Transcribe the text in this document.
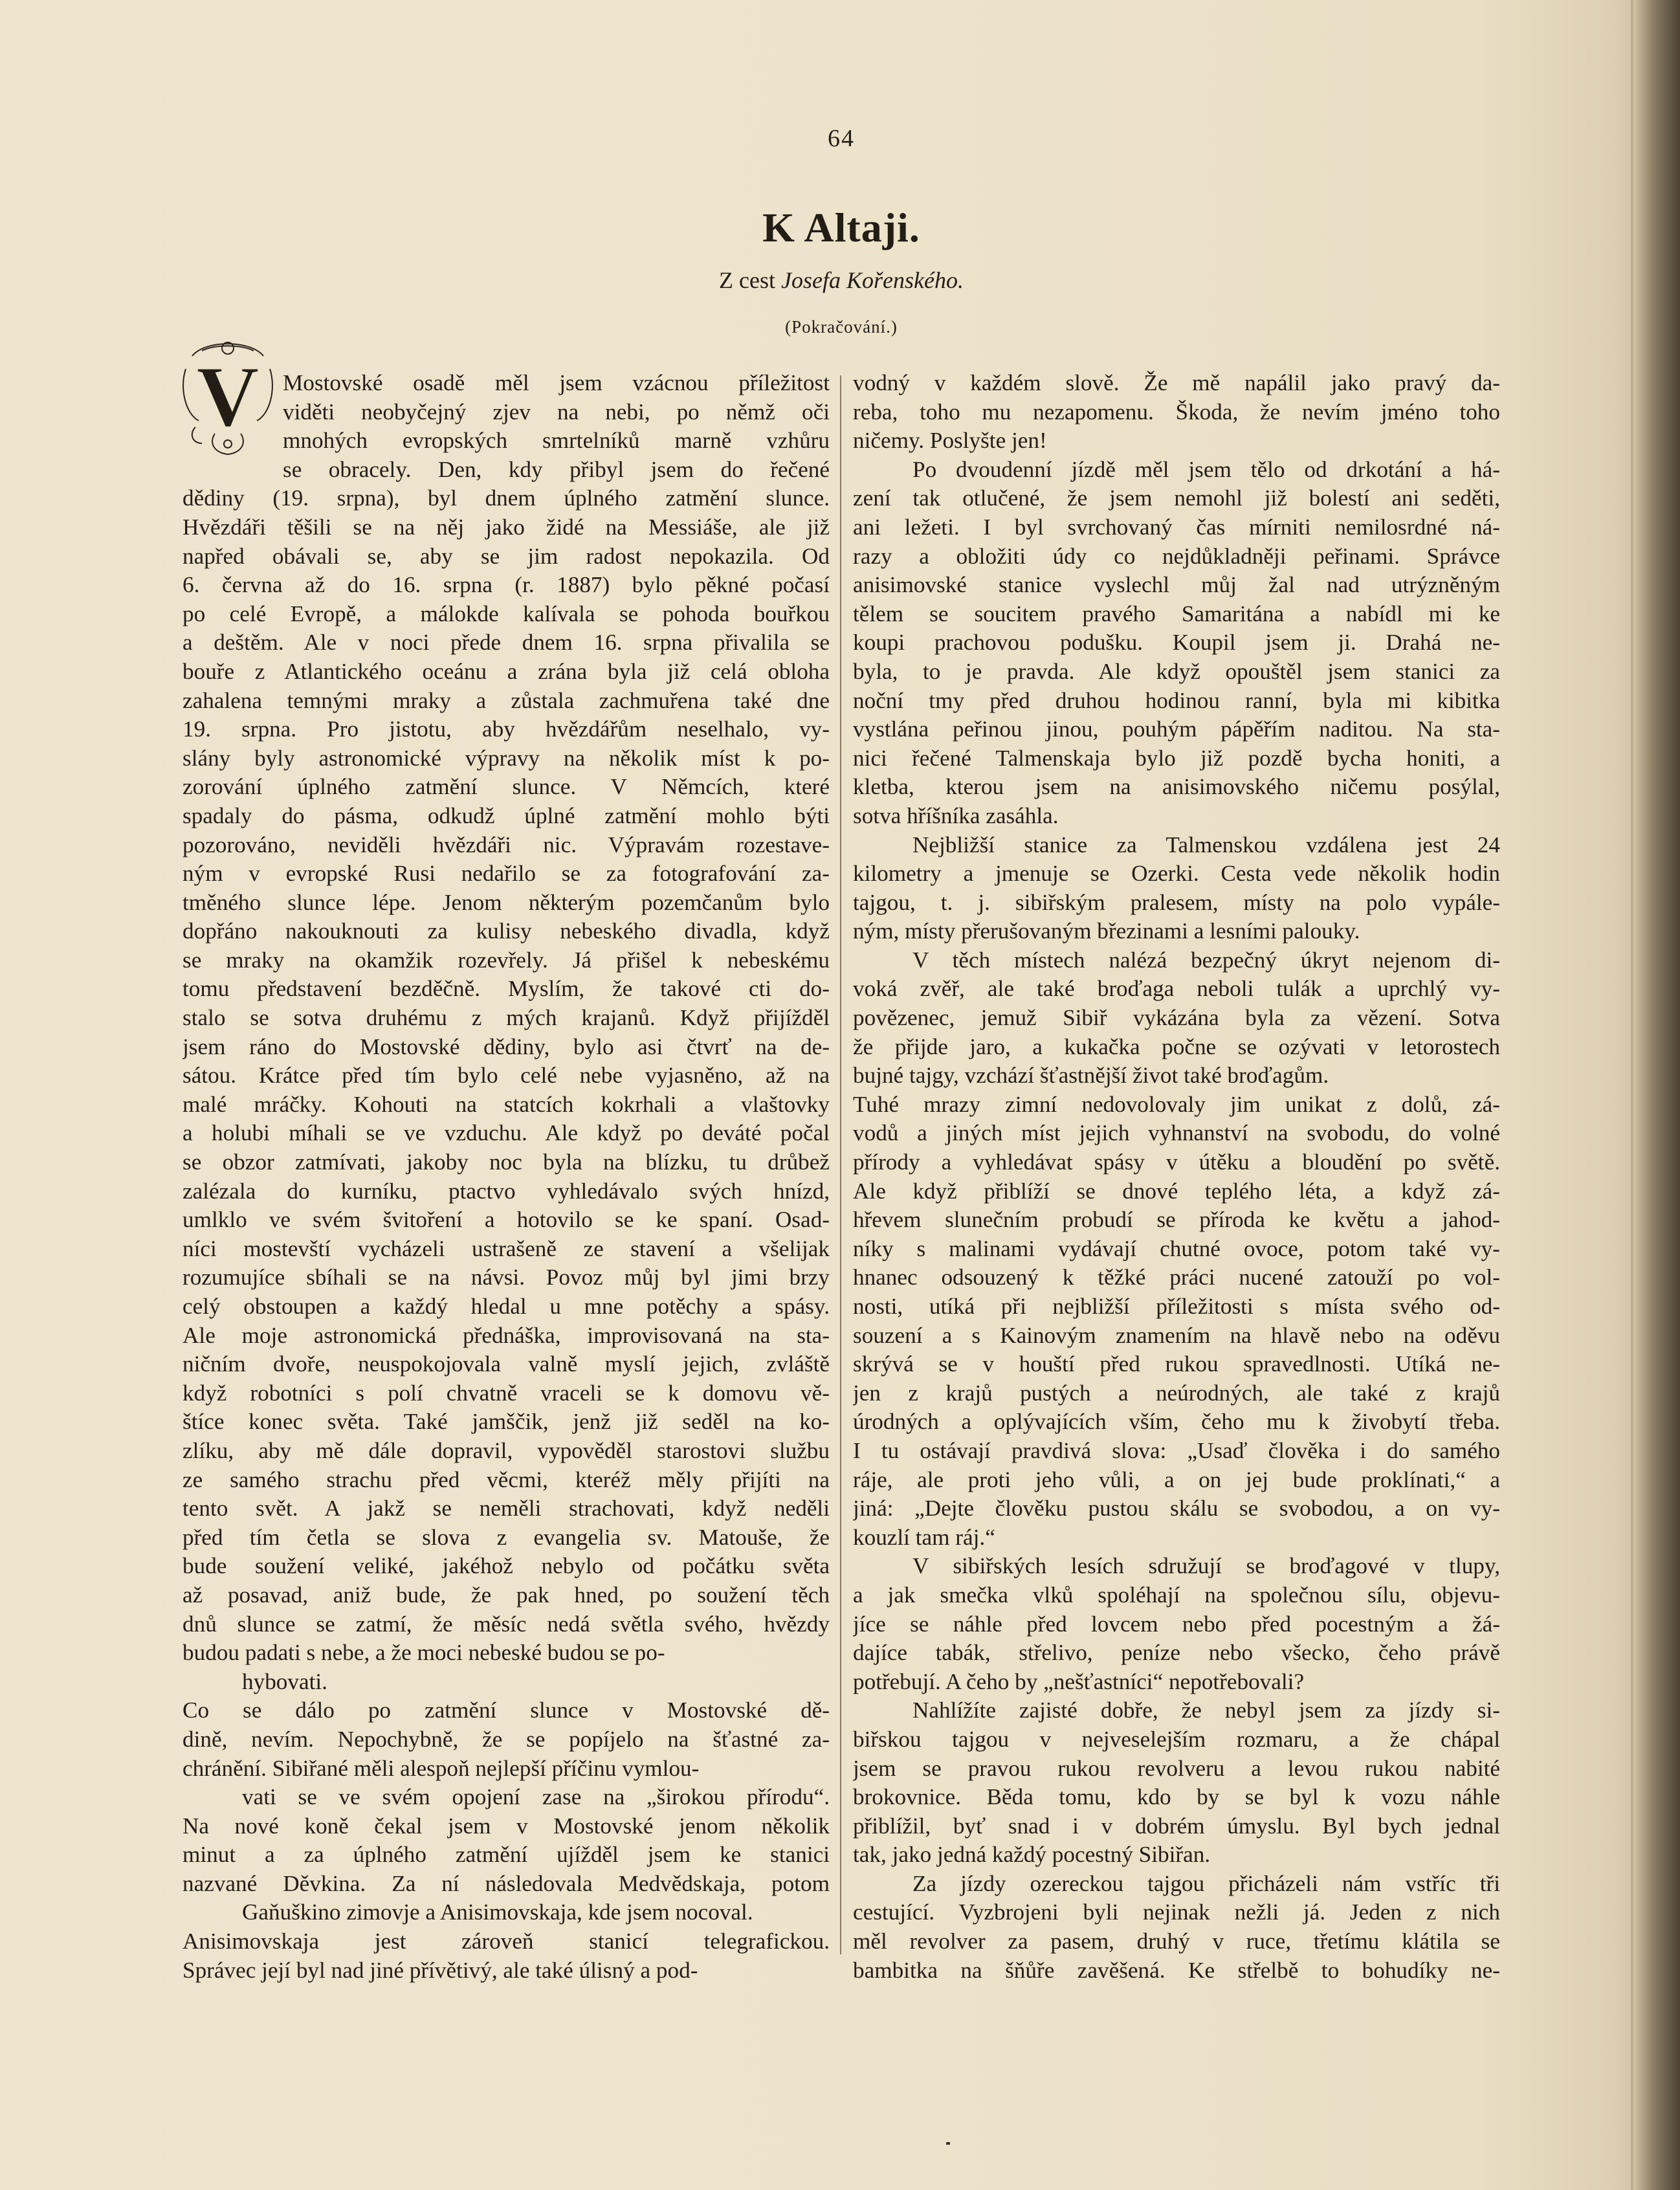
64
K Altaji.
Z cest Josefa Kořenského.
(Pokračování.)
V Mostovské osadě měl jsem vzácnou příležitost
viděti neobyčejný zjev na nebi, po němž oči
mnohých evropských smrtelníků marně vzhůru
se obracely. Den, kdy přibyl jsem do řečené
dědiny (19. srpna), byl dnem úplného zatmění slunce.
Hvězdáři těšili se na něj jako židé na Messiáše, ale již
napřed obávali se, aby se jim radost nepokazila. Od
6. června až do 16. srpna (r. 1887) bylo pěkné počasí
po celé Evropě, a málokde kalívala se pohoda bouřkou
a deštěm. Ale v noci přede dnem 16. srpna přivalila se
bouře z Atlantického oceánu a zrána byla již celá obloha
zahalena temnými mraky a zůstala zachmuřena také dne
19. srpna. Pro jistotu, aby hvězdářům neselhalo, vy-
slány byly astronomické výpravy na několik míst k po-
zorování úplného zatmění slunce. V Němcích, které
spadaly do pásma, odkudž úplné zatmění mohlo býti
pozorováno, neviděli hvězdáři nic. Výpravám rozestave-
ným v evropské Rusi nedařilo se za fotografování za-
tměného slunce lépe. Jenom některým pozemčanům bylo
dopřáno nakouknouti za kulisy nebeského divadla, když
se mraky na okamžik rozevřely. Já přišel k nebeskému
tomu představení bezděčně. Myslím, že takové cti do-
stalo se sotva druhému z mých krajanů. Když přijížděl
jsem ráno do Mostovské dědiny, bylo asi čtvrť na de-
sátou. Krátce před tím bylo celé nebe vyjasněno, až na
malé mráčky. Kohouti na statcích kokrhali a vlaštovky
a holubi míhali se ve vzduchu. Ale když po deváté počal
se obzor zatmívati, jakoby noc byla na blízku, tu drůbež
zalézala do kurníku, ptactvo vyhledávalo svých hnízd,
umlklo ve svém švitoření a hotovilo se ke spaní. Osad-
níci mostevští vycházeli ustrašeně ze stavení a všelijak
rozumujíce sbíhali se na návsi. Povoz můj byl jimi brzy
celý obstoupen a každý hledal u mne potěchy a spásy.
Ale moje astronomická přednáška, improvisovaná na sta-
ničním dvoře, neuspokojovala valně myslí jejich, zvláště
když robotníci s polí chvatně vraceli se k domovu vě-
štíce konec světa. Také jamščik, jenž již seděl na ko-
zlíku, aby mě dále dopravil, vypověděl starostovi službu
ze samého strachu před věcmi, kteréž měly přijíti na
tento svět. A jakž se neměli strachovati, když neděli
před tím četla se slova z evangelia sv. Matouše, že
bude soužení veliké, jakéhož nebylo od počátku světa
až posavad, aniž bude, že pak hned, po soužení těch
dnů slunce se zatmí, že měsíc nedá světla svého, hvězdy
budou padati s nebe, a že moci nebeské budou se po-
hybovati.
Co se dálo po zatmění slunce v Mostovské dě-
dině, nevím. Nepochybně, že se popíjelo na šťastné za-
chránění. Sibiřané měli alespoň nejlepší příčinu vymlou-
vati se ve svém opojení zase na „širokou přírodu“.
Na nové koně čekal jsem v Mostovské jenom několik
minut a za úplného zatmění ujížděl jsem ke stanici
nazvané Děvkina. Za ní následovala Medvědskaja, potom
Gaňuškino zimovje a Anisimovskaja, kde jsem nocoval.
Anisimovskaja jest zároveň stanicí telegrafickou.
Správec její byl nad jiné přívětivý, ale také úlisný a pod-
vodný v každém slově. Že mě napálil jako pravý da-
reba, toho mu nezapomenu. Škoda, že nevím jméno toho
ničemy. Poslyšte jen!
Po dvoudenní jízdě měl jsem tělo od drkotání a há-
zení tak otlučené, že jsem nemohl již bolestí ani seděti,
ani ležeti. I byl svrchovaný čas mírniti nemilosrdné ná-
razy a obložiti údy co nejdůkladněji peřinami. Správce
anisimovské stanice vyslechl můj žal nad utrýzněným
tělem se soucitem pravého Samaritána a nabídl mi ke
koupi prachovou podušku. Koupil jsem ji. Drahá ne-
byla, to je pravda. Ale když opouštěl jsem stanici za
noční tmy před druhou hodinou ranní, byla mi kibitka
vystlána peřinou jinou, pouhým pápěřím naditou. Na sta-
nici řečené Talmenskaja bylo již pozdě bycha honiti, a
kletba, kterou jsem na anisimovského ničemu posýlal,
sotva hříšníka zasáhla.
Nejbližší stanice za Talmenskou vzdálena jest 24
kilometry a jmenuje se Ozerki. Cesta vede několik hodin
tajgou, t. j. sibiřským pralesem, místy na polo vypále-
ným, místy přerušovaným březinami a lesními palouky.
V těch místech nalézá bezpečný úkryt nejenom di-
voká zvěř, ale také broďaga neboli tulák a uprchlý vy-
povězenec, jemuž Sibiř vykázána byla za vězení. Sotva
že přijde jaro, a kukačka počne se ozývati v letorostech
bujné tajgy, vzchází šťastnější život také broďagům.
Tuhé mrazy zimní nedovolovaly jim unikat z dolů, zá-
vodů a jiných míst jejich vyhnanství na svobodu, do volné
přírody a vyhledávat spásy v útěku a bloudění po světě.
Ale když přiblíží se dnové teplého léta, a když zá-
hřevem slunečním probudí se příroda ke květu a jahod-
níky s malinami vydávají chutné ovoce, potom také vy-
hnanec odsouzený k těžké práci nucené zatouží po vol-
nosti, utíká při nejbližší příležitosti s místa svého od-
souzení a s Kainovým znamením na hlavě nebo na oděvu
skrývá se v houští před rukou spravedlnosti. Utíká ne-
jen z krajů pustých a neúrodných, ale také z krajů
úrodných a oplývajících vším, čeho mu k živobytí třeba.
I tu ostávají pravdivá slova: „Usaď člověka i do samého
ráje, ale proti jeho vůli, a on jej bude proklínati,“ a
jiná: „Dejte člověku pustou skálu se svobodou, a on vy-
kouzlí tam ráj.“
V sibiřských lesích sdružují se broďagové v tlupy,
a jak smečka vlků spoléhají na společnou sílu, objevu-
jíce se náhle před lovcem nebo před pocestným a žá-
dajíce tabák, střelivo, peníze nebo všecko, čeho právě
potřebují. A čeho by „nešťastníci“ nepotřebovali?
Nahlížíte zajisté dobře, že nebyl jsem za jízdy si-
biřskou tajgou v nejveselejším rozmaru, a že chápal
jsem se pravou rukou revolveru a levou rukou nabité
brokovnice. Běda tomu, kdo by se byl k vozu náhle
přiblížil, byť snad i v dobrém úmyslu. Byl bych jednal
tak, jako jedná každý pocestný Sibiřan.
Za jízdy ozereckou tajgou přicházeli nám vstříc tři
cestující. Vyzbrojeni byli nejinak nežli já. Jeden z nich
měl revolver za pasem, druhý v ruce, třetímu klátila se
bambitka na šňůře zavěšená. Ke střelbě to bohudíky ne-
